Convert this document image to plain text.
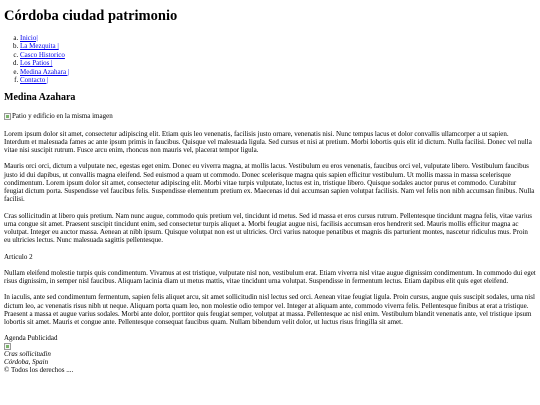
Córdoba ciudad patrimonio
a. Inicio|
b. La Mezquita |
c. Casco Historico
d. Los Patios |
e. Medina Azahara |
f. Contacto |
Medina Azahara
Patio y edificio en la misma imagen

Lorem ipsum dolor sit amet, consectetur adipiscing elit. Etiam quis leo venenatis, facilisis justo ornare, venenatis nisi. Nunc tempus lacus et dolor convallis ullamcorper a ut sapien. Interdum et malesuada fames ac ante ipsum primis in faucibus. Quisque vel malesuada ligula. Sed cursus et nisi at pretium. Morbi lobortis quis elit id dictum. Nulla facilisi. Donec vel nulla vitae nisi suscipit rutrum. Fusce arcu enim, rhoncus non mauris vel, placerat tempor ligula.

Mauris orci orci, dictum a vulputate nec, egestas eget enim. Donec eu viverra magna, at mollis lacus. Vestibulum eu eros venenatis, faucibus orci vel, vulputate libero. Vestibulum faucibus justo id dui dapibus, ut convallis magna eleifend. Sed euismod a quam ut commodo. Donec scelerisque magna quis sapien efficitur vestibulum. Ut mollis massa in massa scelerisque condimentum. Lorem ipsum dolor sit amet, consectetur adipiscing elit. Morbi vitae turpis vulputate, luctus est in, tristique libero. Quisque sodales auctor purus et commodo. Curabitur feugiat dictum porta. Suspendisse vel faucibus felis. Suspendisse elementum pretium ex. Maecenas id dui accumsan sapien volutpat facilisis. Nam vel felis non nibh accumsan finibus. Nulla facilisi.

Cras sollicitudin at libero quis pretium. Nam nunc augue, commodo quis pretium vel, tincidunt id metus. Sed id massa et eros cursus rutrum. Pellentesque tincidunt magna felis, vitae varius urna congue sit amet. Praesent suscipit tincidunt enim, sed consectetur turpis aliquet a. Morbi feugiat augue nisi, facilisis accumsan eros hendrerit sed. Mauris mollis efficitur magna ac volutpat. Integer eu auctor massa. Aenean at nibh ipsum. Quisque volutpat non est ut ultricies. Orci varius natoque penatibus et magnis dis parturient montes, nascetur ridiculus mus. Proin eu ultricies lectus. Nunc malesuada sagittis pellentesque.

Articulo 2

Nullam eleifend molestie turpis quis condimentum. Vivamus at est tristique, vulputate nisl non, vestibulum erat. Etiam viverra nisl vitae augue dignissim condimentum. In commodo dui eget risus dignissim, in semper nisl faucibus. Aliquam lacinia diam ut metus mattis, vitae tincidunt urna volutpat. Suspendisse in fermentum lectus. Etiam dapibus elit quis eget eleifend.

In iaculis, ante sed condimentum fermentum, sapien felis aliquet arcu, sit amet sollicitudin nisl lectus sed orci. Aenean vitae feugiat ligula. Proin cursus, augue quis suscipit sodales, urna nisl dictum leo, ac venenatis risus nibh ut neque. Aliquam porta quam leo, non molestie odio tempor vel. Integer at aliquam ante, commodo viverra felis. Pellentesque finibus at erat a tristique. Praesent a massa et augue varius sodales. Morbi ante dolor, porttitor quis feugiat semper, volutpat at massa. Pellentesque ac nisl enim. Vestibulum blandit venenatis ante, vel tristique ipsum lobortis sit amet. Mauris et congue ante. Pellentesque consequat faucibus quam. Nullam bibendum velit dolor, ut luctus risus fringilla sit amet.

Agenda Publicidad
Cras sollicitudin
Córdoba, Spain
© Todos los derechos ....
